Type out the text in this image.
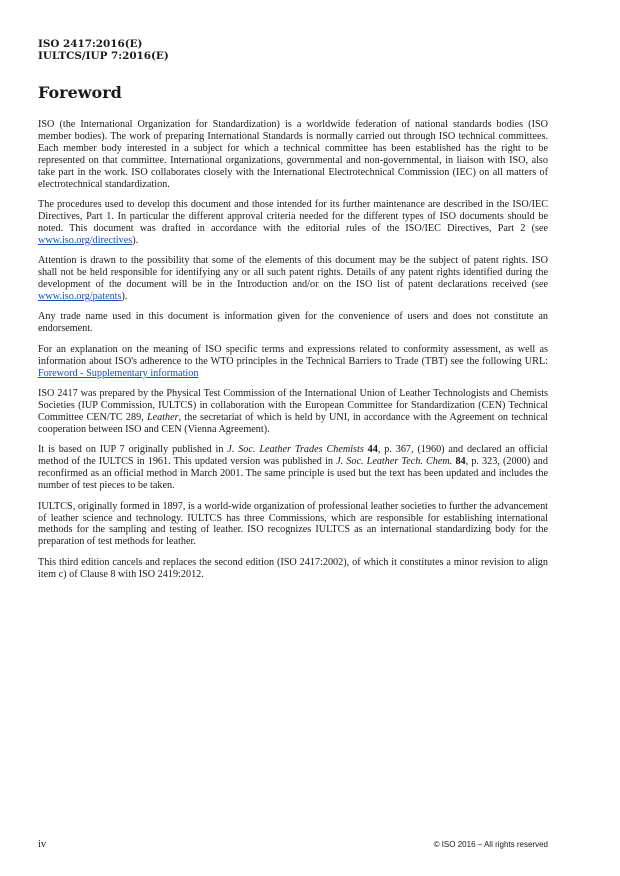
ISO 2417:2016(E)

IULTCS/IUP 7:2016(E)

Foreword

ISO (the International Organization for Standardization) is a worldwide federation of national standards bodies (ISO member bodies). The work of preparing International Standards is normally carried out through ISO technical committees. Each member body interested in a subject for which a technical committee has been established has the right to be represented on that committee. International organizations, governmental and non-governmental, in liaison with ISO, also take part in the work. ISO collaborates closely with the International Electrotechnical Commission (IEC) on all matters of electrotechnical standardization.

The procedures used to develop this document and those intended for its further maintenance are described in the ISO/IEC Directives, Part 1. In particular the different approval criteria needed for the different types of ISO documents should be noted. This document was drafted in accordance with the editorial rules of the ISO/IEC Directives, Part 2 (see www.iso.org/directives).

Attention is drawn to the possibility that some of the elements of this document may be the subject of patent rights. ISO shall not be held responsible for identifying any or all such patent rights. Details of any patent rights identified during the development of the document will be in the Introduction and/or on the ISO list of patent declarations received (see www.iso.org/patents).

Any trade name used in this document is information given for the convenience of users and does not constitute an endorsement.

For an explanation on the meaning of ISO specific terms and expressions related to conformity assessment, as well as information about ISO's adherence to the WTO principles in the Technical Barriers to Trade (TBT) see the following URL: Foreword - Supplementary information

ISO 2417 was prepared by the Physical Test Commission of the International Union of Leather Technologists and Chemists Societies (IUP Commission, IULTCS) in collaboration with the European Committee for Standardization (CEN) Technical Committee CEN/TC 289, Leather, the secretariat of which is held by UNI, in accordance with the Agreement on technical cooperation between ISO and CEN (Vienna Agreement).

It is based on IUP 7 originally published in J. Soc. Leather Trades Chemists 44, p. 367, (1960) and declared an official method of the IULTCS in 1961. This updated version was published in J. Soc. Leather Tech. Chem. 84, p. 323, (2000) and reconfirmed as an official method in March 2001. The same principle is used but the text has been updated and includes the number of test pieces to be taken.

IULTCS, originally formed in 1897, is a world-wide organization of professional leather societies to further the advancement of leather science and technology. IULTCS has three Commissions, which are responsible for establishing international methods for the sampling and testing of leather. ISO recognizes IULTCS as an international standardizing body for the preparation of test methods for leather.

This third edition cancels and replaces the second edition (ISO 2417:2002), of which it constitutes a minor revision to align item c) of Clause 8 with ISO 2419:2012.

iv	© ISO 2016 – All rights reserved
